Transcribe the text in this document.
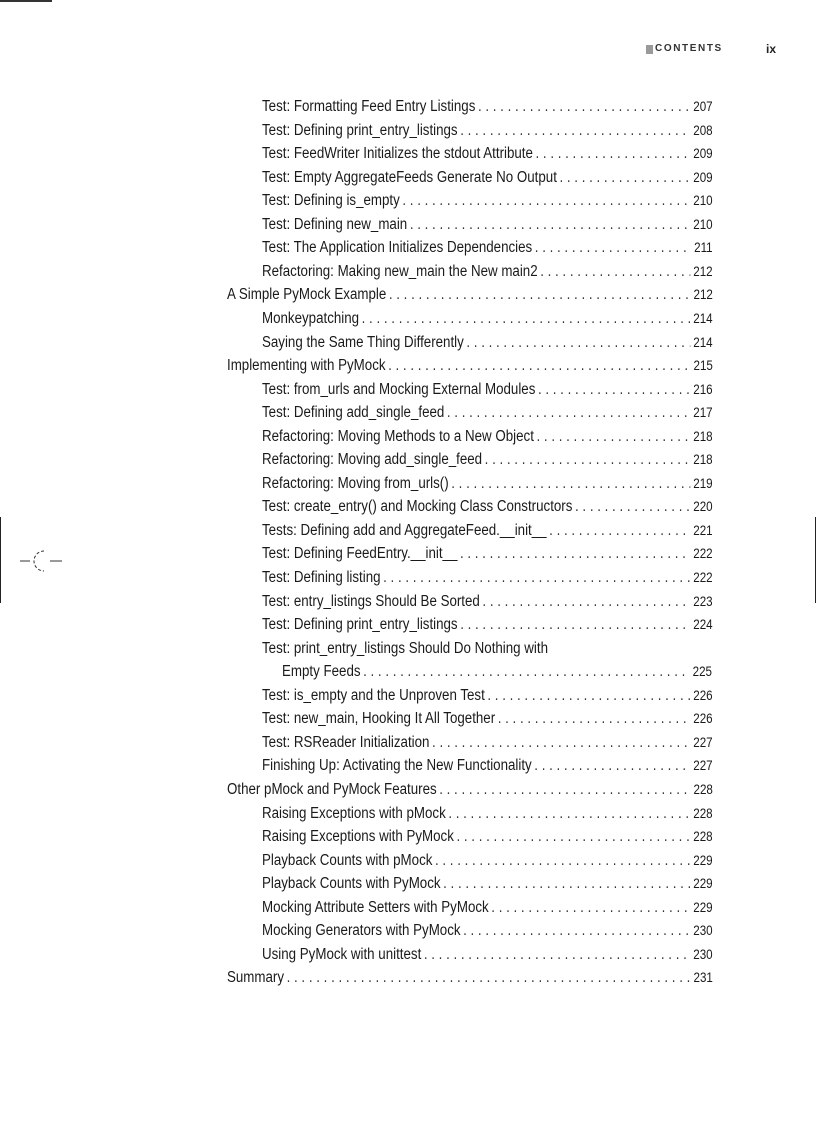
CONTENTS	ix
Test: Formatting Feed Entry Listings . . .	207
Test: Defining print_entry_listings . . .	208
Test: FeedWriter Initializes the stdout Attribute . . .	209
Test: Empty AggregateFeeds Generate No Output . . .	209
Test: Defining is_empty . . .	210
Test: Defining new_main . . .	210
Test: The Application Initializes Dependencies . . .	211
Refactoring: Making new_main the New main2 . . .	212
A Simple PyMock Example . . .	212
Monkeypatching . . .	214
Saying the Same Thing Differently . . .	214
Implementing with PyMock . . .	215
Test: from_urls and Mocking External Modules . . .	216
Test: Defining add_single_feed . . .	217
Refactoring: Moving Methods to a New Object . . .	218
Refactoring: Moving add_single_feed . . .	218
Refactoring: Moving from_urls() . . .	219
Test: create_entry() and Mocking Class Constructors . . .	220
Tests: Defining add and AggregateFeed.__init__ . . .	221
Test: Defining FeedEntry.__init__ . . .	222
Test: Defining listing . . .	222
Test: entry_listings Should Be Sorted . . .	223
Test: Defining print_entry_listings . . .	224
Test: print_entry_listings Should Do Nothing with
Empty Feeds . . .	225
Test: is_empty and the Unproven Test . . .	226
Test: new_main, Hooking It All Together . . .	226
Test: RSReader Initialization . . .	227
Finishing Up: Activating the New Functionality . . .	227
Other pMock and PyMock Features . . .	228
Raising Exceptions with pMock . . .	228
Raising Exceptions with PyMock . . .	228
Playback Counts with pMock . . .	229
Playback Counts with PyMock . . .	229
Mocking Attribute Setters with PyMock . . .	229
Mocking Generators with PyMock . . .	230
Using PyMock with unittest . . .	230
Summary . . .	231
